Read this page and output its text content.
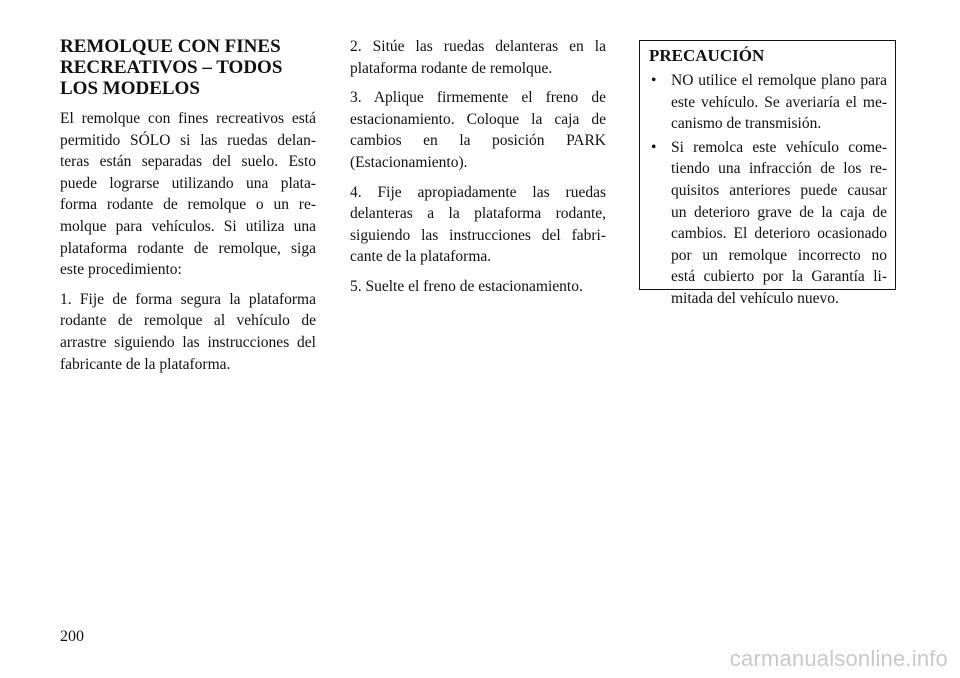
REMOLQUE CON FINES RECREATIVOS – TODOS LOS MODELOS

El remolque con fines recreativos está permitido SÓLO si las ruedas delan-teras están separadas del suelo. Esto puede lograrse utilizando una plata-forma rodante de remolque o un re-molque para vehículos. Si utiliza una plataforma rodante de remolque, siga este procedimiento:

1. Fije de forma segura la plataforma rodante de remolque al vehículo de arrastre siguiendo las instrucciones del fabricante de la plataforma.

2. Sitúe las ruedas delanteras en la plataforma rodante de remolque.

3. Aplique firmemente el freno de estacionamiento. Coloque la caja de cambios en la posición PARK (Estacionamiento).

4. Fije apropiadamente las ruedas delanteras a la plataforma rodante, siguiendo las instrucciones del fabri-cante de la plataforma.

5. Suelte el freno de estacionamiento.

PRECAUCIÓN
• NO utilice el remolque plano para este vehículo. Se averiaría el me-canismo de transmisión.
• Si remolca este vehículo come-tiendo una infracción de los re-quisitos anteriores puede causar un deterioro grave de la caja de cambios. El deterioro ocasionado por un remolque incorrecto no está cubierto por la Garantía li-mitada del vehículo nuevo.
200
carmanualsonline.info
